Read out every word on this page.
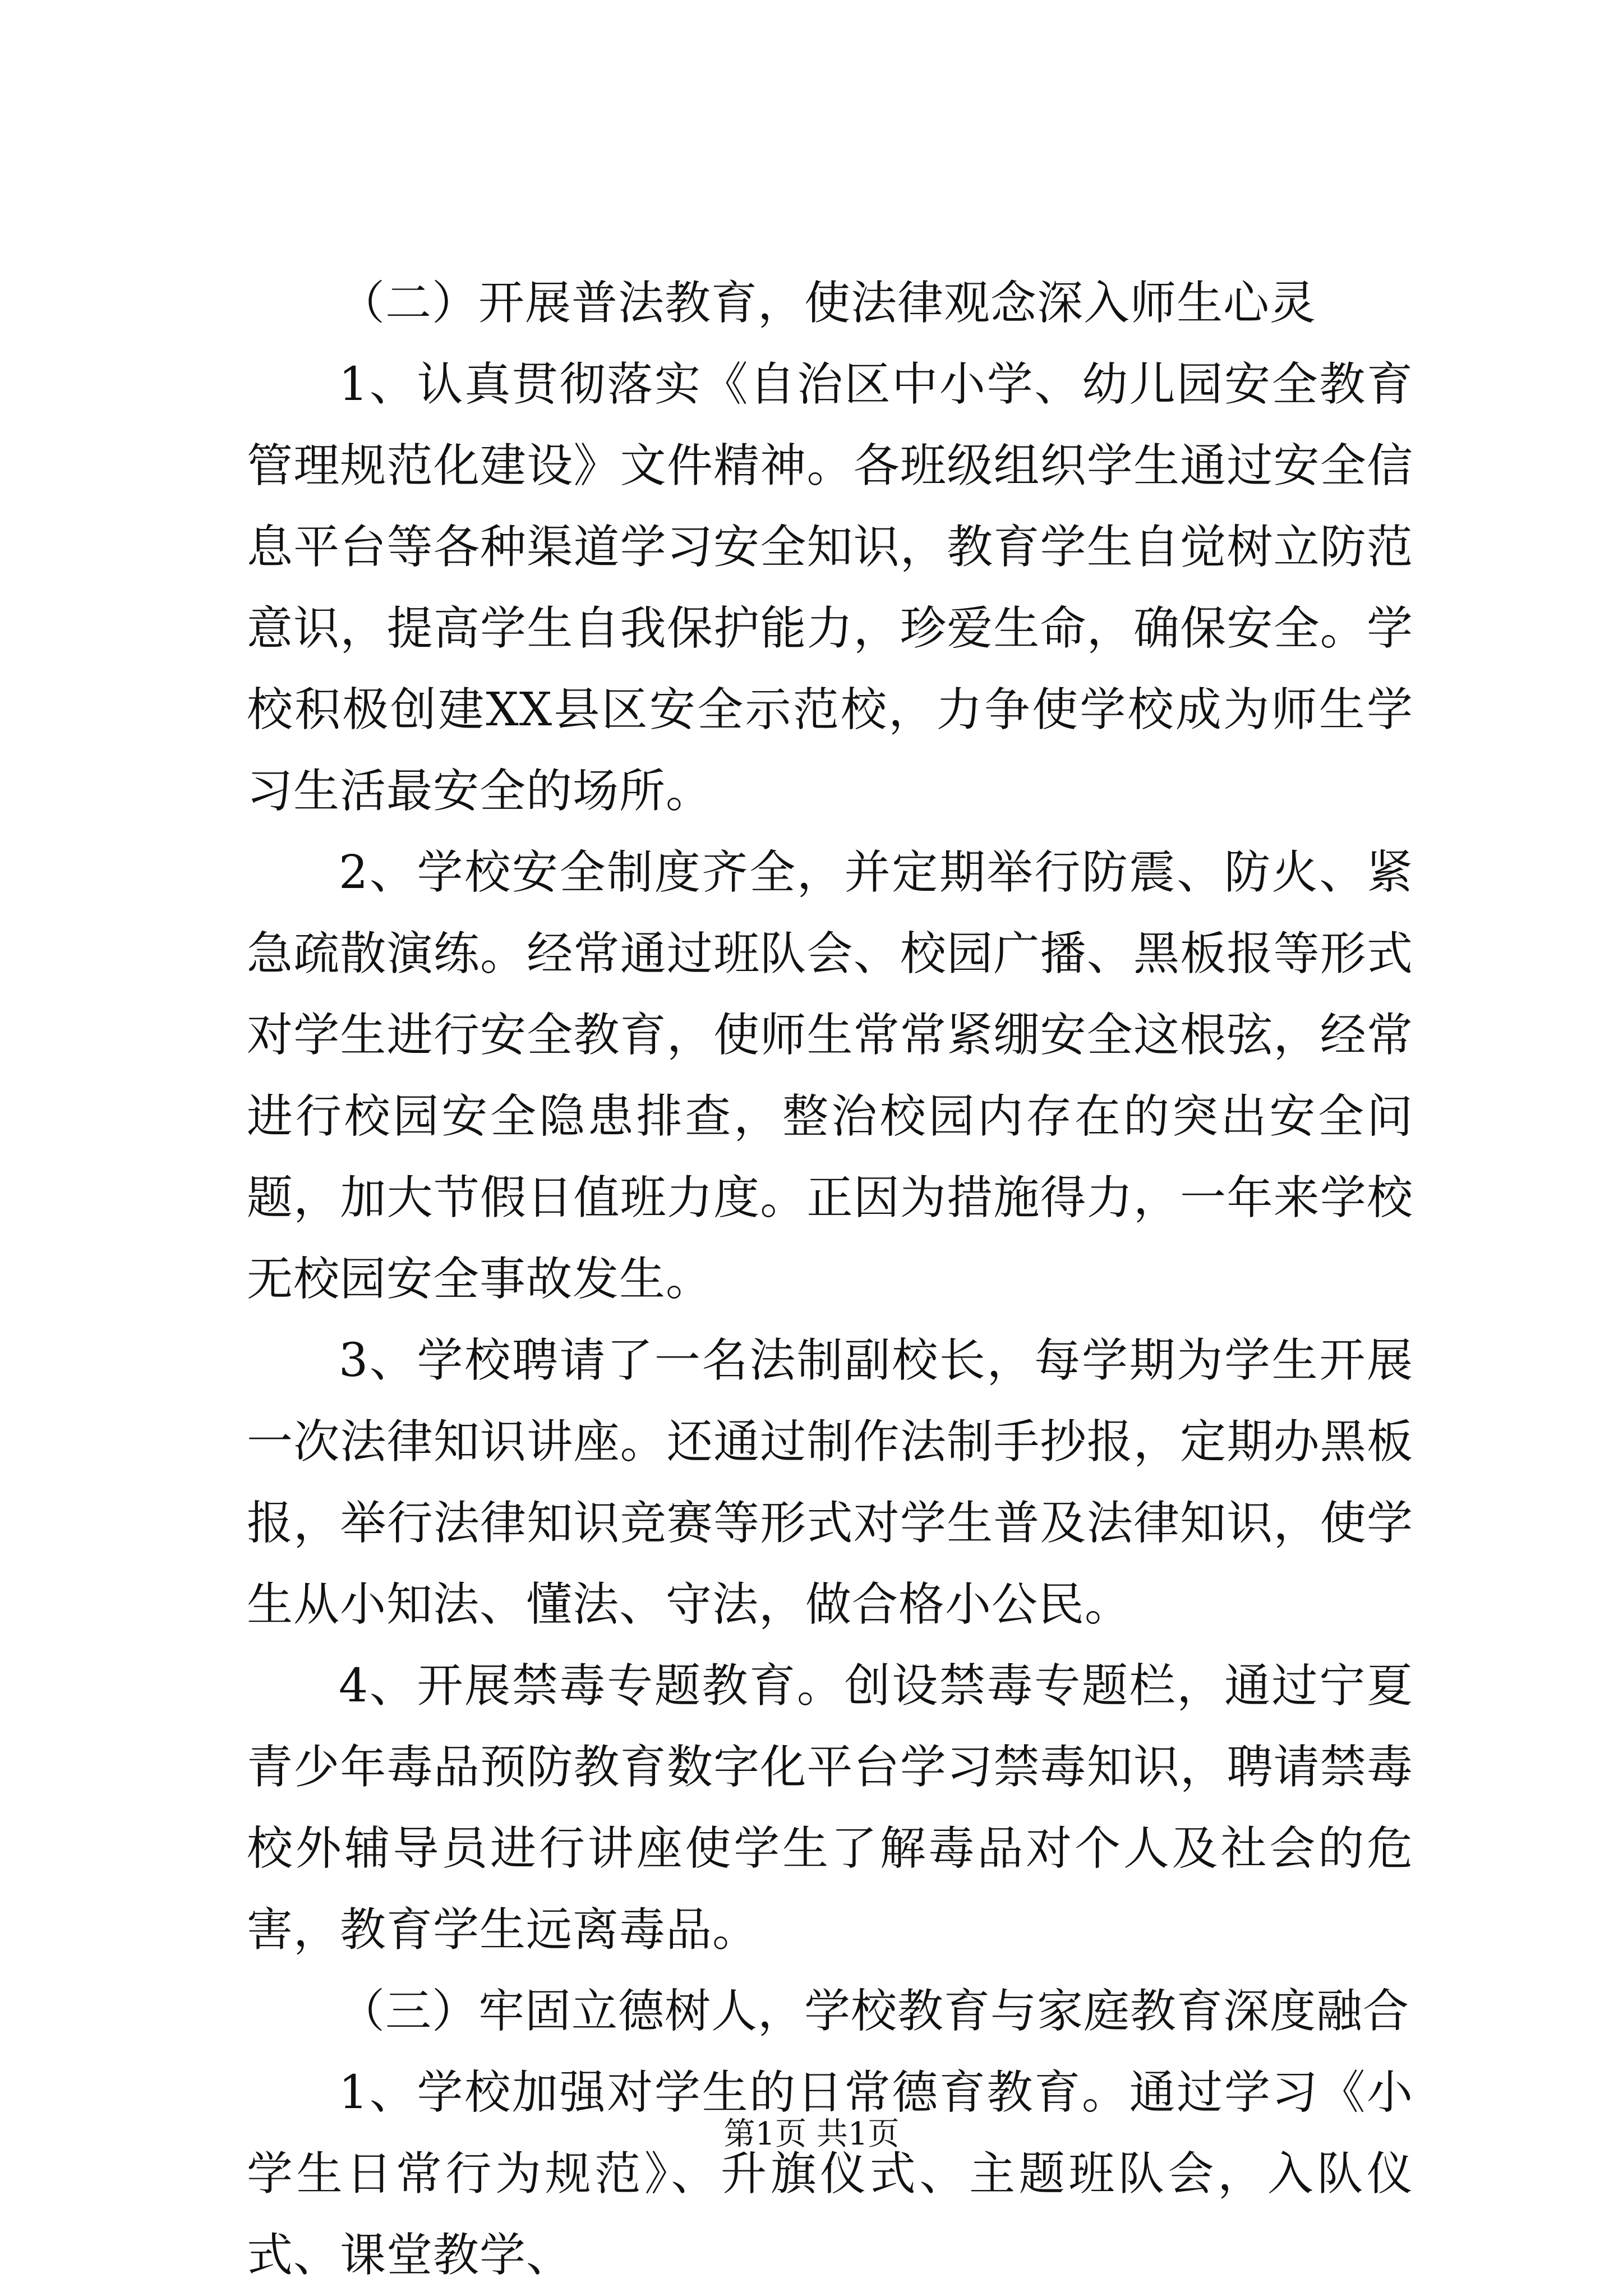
（二）开展普法教育，使法律观念深入师生心灵

1、认真贯彻落实《自治区中小学、幼儿园安全教育管理规范化建设》文件精神。各班级组织学生通过安全信息平台等各种渠道学习安全知识，教育学生自觉树立防范意识，提高学生自我保护能力，珍爱生命，确保安全。学校积极创建XX县区安全示范校，力争使学校成为师生学习生活最安全的场所。

2、学校安全制度齐全，并定期举行防震、防火、紧急疏散演练。经常通过班队会、校园广播、黑板报等形式对学生进行安全教育，使师生常常紧绷安全这根弦，经常进行校园安全隐患排查，整治校园内存在的突出安全问题，加大节假日值班力度。正因为措施得力，一年来学校无校园安全事故发生。

3、学校聘请了一名法制副校长，每学期为学生开展一次法律知识讲座。还通过制作法制手抄报，定期办黑板报，举行法律知识竞赛等形式对学生普及法律知识，使学生从小知法、懂法、守法，做合格小公民。

4、开展禁毒专题教育。创设禁毒专题栏，通过宁夏青少年毒品预防教育数字化平台学习禁毒知识，聘请禁毒校外辅导员进行讲座使学生了解毒品对个人及社会的危害，教育学生远离毒品。

（三）牢固立德树人，学校教育与家庭教育深度融合

1、学校加强对学生的日常德育教育。通过学习《小学生日常行为规范》、升旗仪式、主题班队会，入队仪式、课堂教学、

第1页 共1页
